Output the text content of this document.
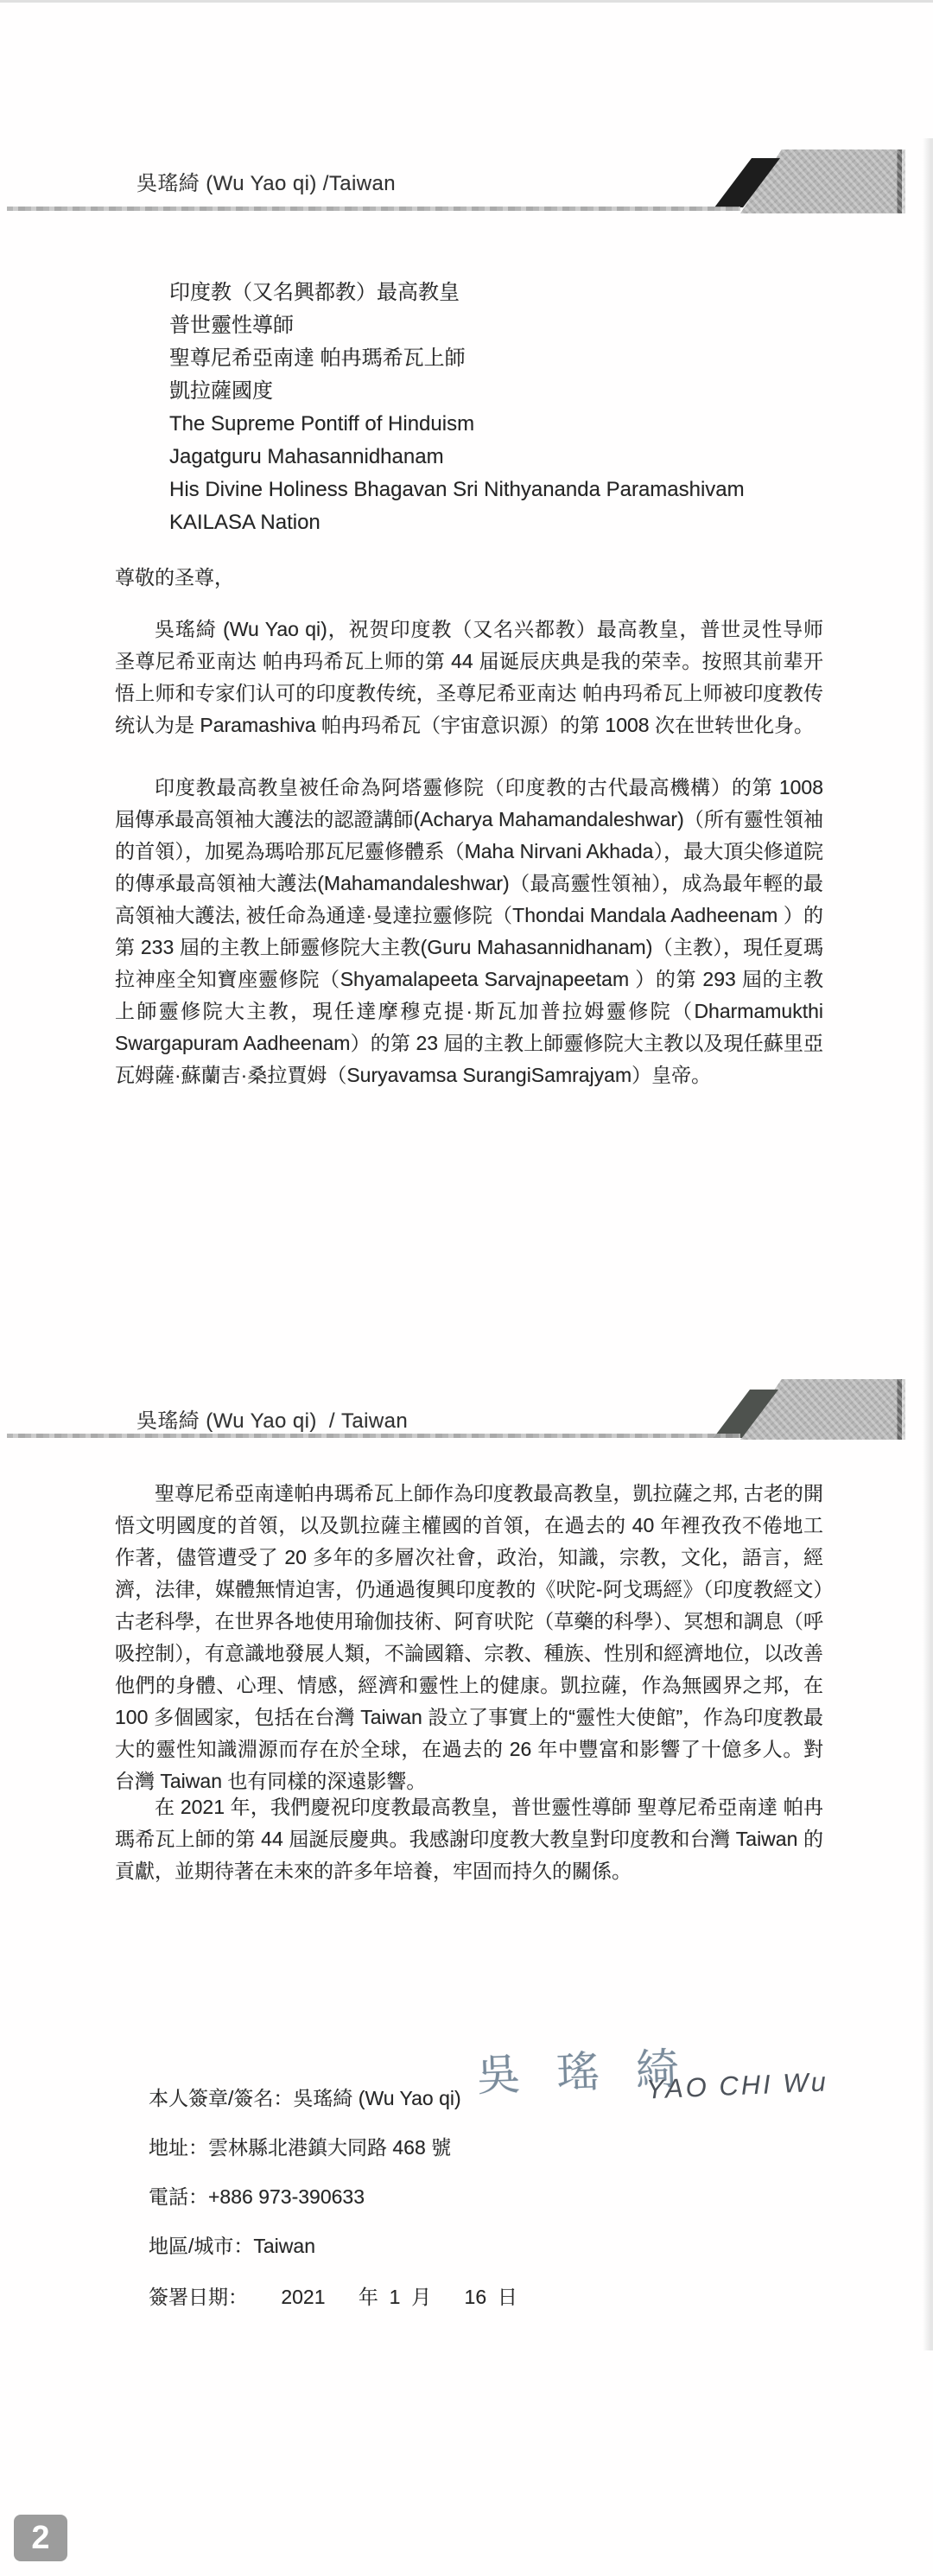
吳瑤綺 (Wu Yao qi) /Taiwan
印度教（又名興都教）最高教皇
普世靈性導師
聖尊尼希亞南達 帕冉瑪希瓦上師
凱拉薩國度
The Supreme Pontiff of Hinduism
Jagatguru Mahasannidhanam
His Divine Holiness Bhagavan Sri Nithyananda Paramashivam
KAILASA Nation
尊敬的圣尊，
吳瑤綺 (Wu Yao qi)，祝贺印度教（又名兴都教）最高教皇，普世灵性导师 圣尊尼希亚南达 帕冉玛希瓦上师的第 44 届诞辰庆典是我的荣幸。按照其前辈开悟上师和专家们认可的印度教传统，圣尊尼希亚南达 帕冉玛希瓦上师被印度教传统认为是 Paramashiva 帕冉玛希瓦（宇宙意识源）的第 1008 次在世转世化身。
印度教最高教皇被任命為阿塔靈修院（印度教的古代最高機構）的第 1008 屆傳承最高領袖大護法的認證講師(Acharya Mahamandaleshwar)（所有靈性領袖的首領），加冕為瑪哈那瓦尼靈修體系（Maha Nirvani Akhada），最大頂尖修道院的傳承最高領袖大護法(Mahamandaleshwar)（最高靈性領袖），成為最年輕的最高領袖大護法, 被任命為通達·曼達拉靈修院（Thondai Mandala Aadheenam ）的第 233 屆的主教上師靈修院大主教(Guru Mahasannidhanam)（主教），現任夏瑪拉神座全知寶座靈修院（Shyamalapeeta Sarvajnapeetam ）的第 293 屆的主教上師靈修院大主教，現任達摩穆克提·斯瓦加普拉姆靈修院（Dharmamukthi Swargapuram Aadheenam）的第 23 屆的主教上師靈修院大主教以及現任蘇里亞瓦姆薩·蘇蘭吉·桑拉賈姆（Suryavamsa SurangiSamrajyam）皇帝。
吳瑤綺 (Wu Yao qi)  / Taiwan
聖尊尼希亞南達帕冉瑪希瓦上師作為印度教最高教皇，凱拉薩之邦, 古老的開悟文明國度的首領，以及凱拉薩主權國的首領，在過去的 40 年裡孜孜不倦地工作著，儘管遭受了 20 多年的多層次社會，政治，知識，宗教，文化，語言，經濟，法律，媒體無情迫害，仍通過復興印度教的《吠陀-阿戈瑪經》（印度教經文）古老科學，在世界各地使用瑜伽技術、阿育吠陀（草藥的科學）、冥想和調息（呼吸控制），有意識地發展人類，不論國籍、宗教、種族、性別和經濟地位，以改善他們的身體、心理、情感，經濟和靈性上的健康。凱拉薩，作為無國界之邦，在 100 多個國家，包括在台灣 Taiwan 設立了事實上的“靈性大使館”，作為印度教最大的靈性知識淵源而存在於全球，在過去的 26 年中豐富和影響了十億多人。對台灣 Taiwan 也有同樣的深遠影響。
在 2021 年，我們慶祝印度教最高教皇，普世靈性導師 聖尊尼希亞南達 帕冉瑪希瓦上師的第 44 屆誕辰慶典。我感謝印度教大教皇對印度教和台灣 Taiwan 的貢獻，並期待著在未來的許多年培養，牢固而持久的關係。
本人簽章/簽名：吳瑤綺 (Wu Yao qi) 吳 瑤 綺
YAO CHI Wu
地址：雲林縣北港鎮大同路 468 號
電話：+886 973-390633
地區/城市：Taiwan
簽署日期：      2021      年  1  月      16  日
2
